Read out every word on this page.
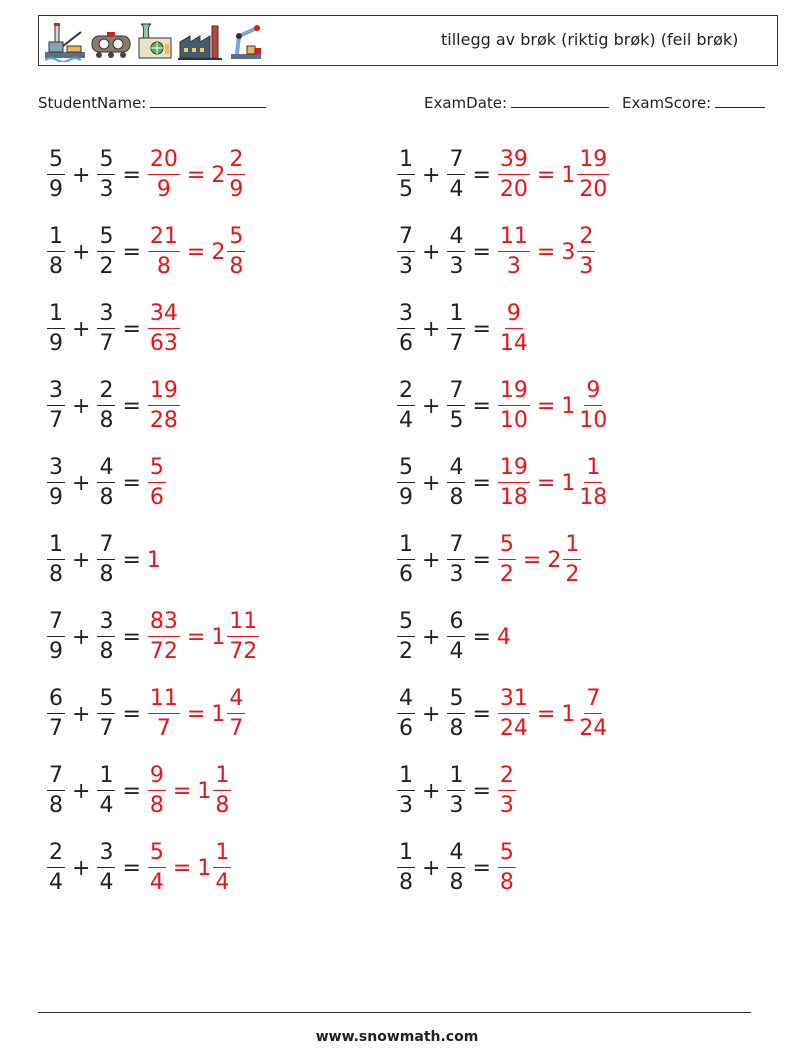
tillegg av brøk (riktig brøk) (feil brøk)
StudentName:	ExamDate:	ExamScore:
$\frac{5}{9} + \frac{5}{3} = \frac{20}{9} = 2 \frac{2}{9}$
$\frac{1}{8} + \frac{5}{2} = \frac{21}{8} = 2 \frac{5}{8}$
$\frac{1}{9} + \frac{3}{7} = \frac{34}{63}$
$\frac{3}{7} + \frac{2}{8} = \frac{19}{28}$
$\frac{3}{9} + \frac{4}{8} = \frac{5}{6}$
$\frac{1}{8} + \frac{7}{8} = 1$
$\frac{7}{9} + \frac{3}{8} = \frac{83}{72} = 1 \frac{11}{72}$
$\frac{6}{7} + \frac{5}{7} = \frac{11}{7} = 1 \frac{4}{7}$
$\frac{7}{8} + \frac{1}{4} = \frac{9}{8} = 1 \frac{1}{8}$
$\frac{2}{4} + \frac{3}{4} = \frac{5}{4} = 1 \frac{1}{4}$
$\frac{1}{5} + \frac{7}{4} = \frac{39}{20} = 1 \frac{19}{20}$
$\frac{7}{3} + \frac{4}{3} = \frac{11}{3} = 3 \frac{2}{3}$
$\frac{3}{6} + \frac{1}{7} = \frac{9}{14}$
$\frac{2}{4} + \frac{7}{5} = \frac{19}{10} = 1 \frac{9}{10}$
$\frac{5}{9} + \frac{4}{8} = \frac{19}{18} = 1 \frac{1}{18}$
$\frac{1}{6} + \frac{7}{3} = \frac{5}{2} = 2 \frac{1}{2}$
$\frac{5}{2} + \frac{6}{4} = 4$
$\frac{4}{6} + \frac{5}{8} = \frac{31}{24} = 1 \frac{7}{24}$
$\frac{1}{3} + \frac{1}{3} = \frac{2}{3}$
$\frac{1}{8} + \frac{4}{8} = \frac{5}{8}$
www.snowmath.com
